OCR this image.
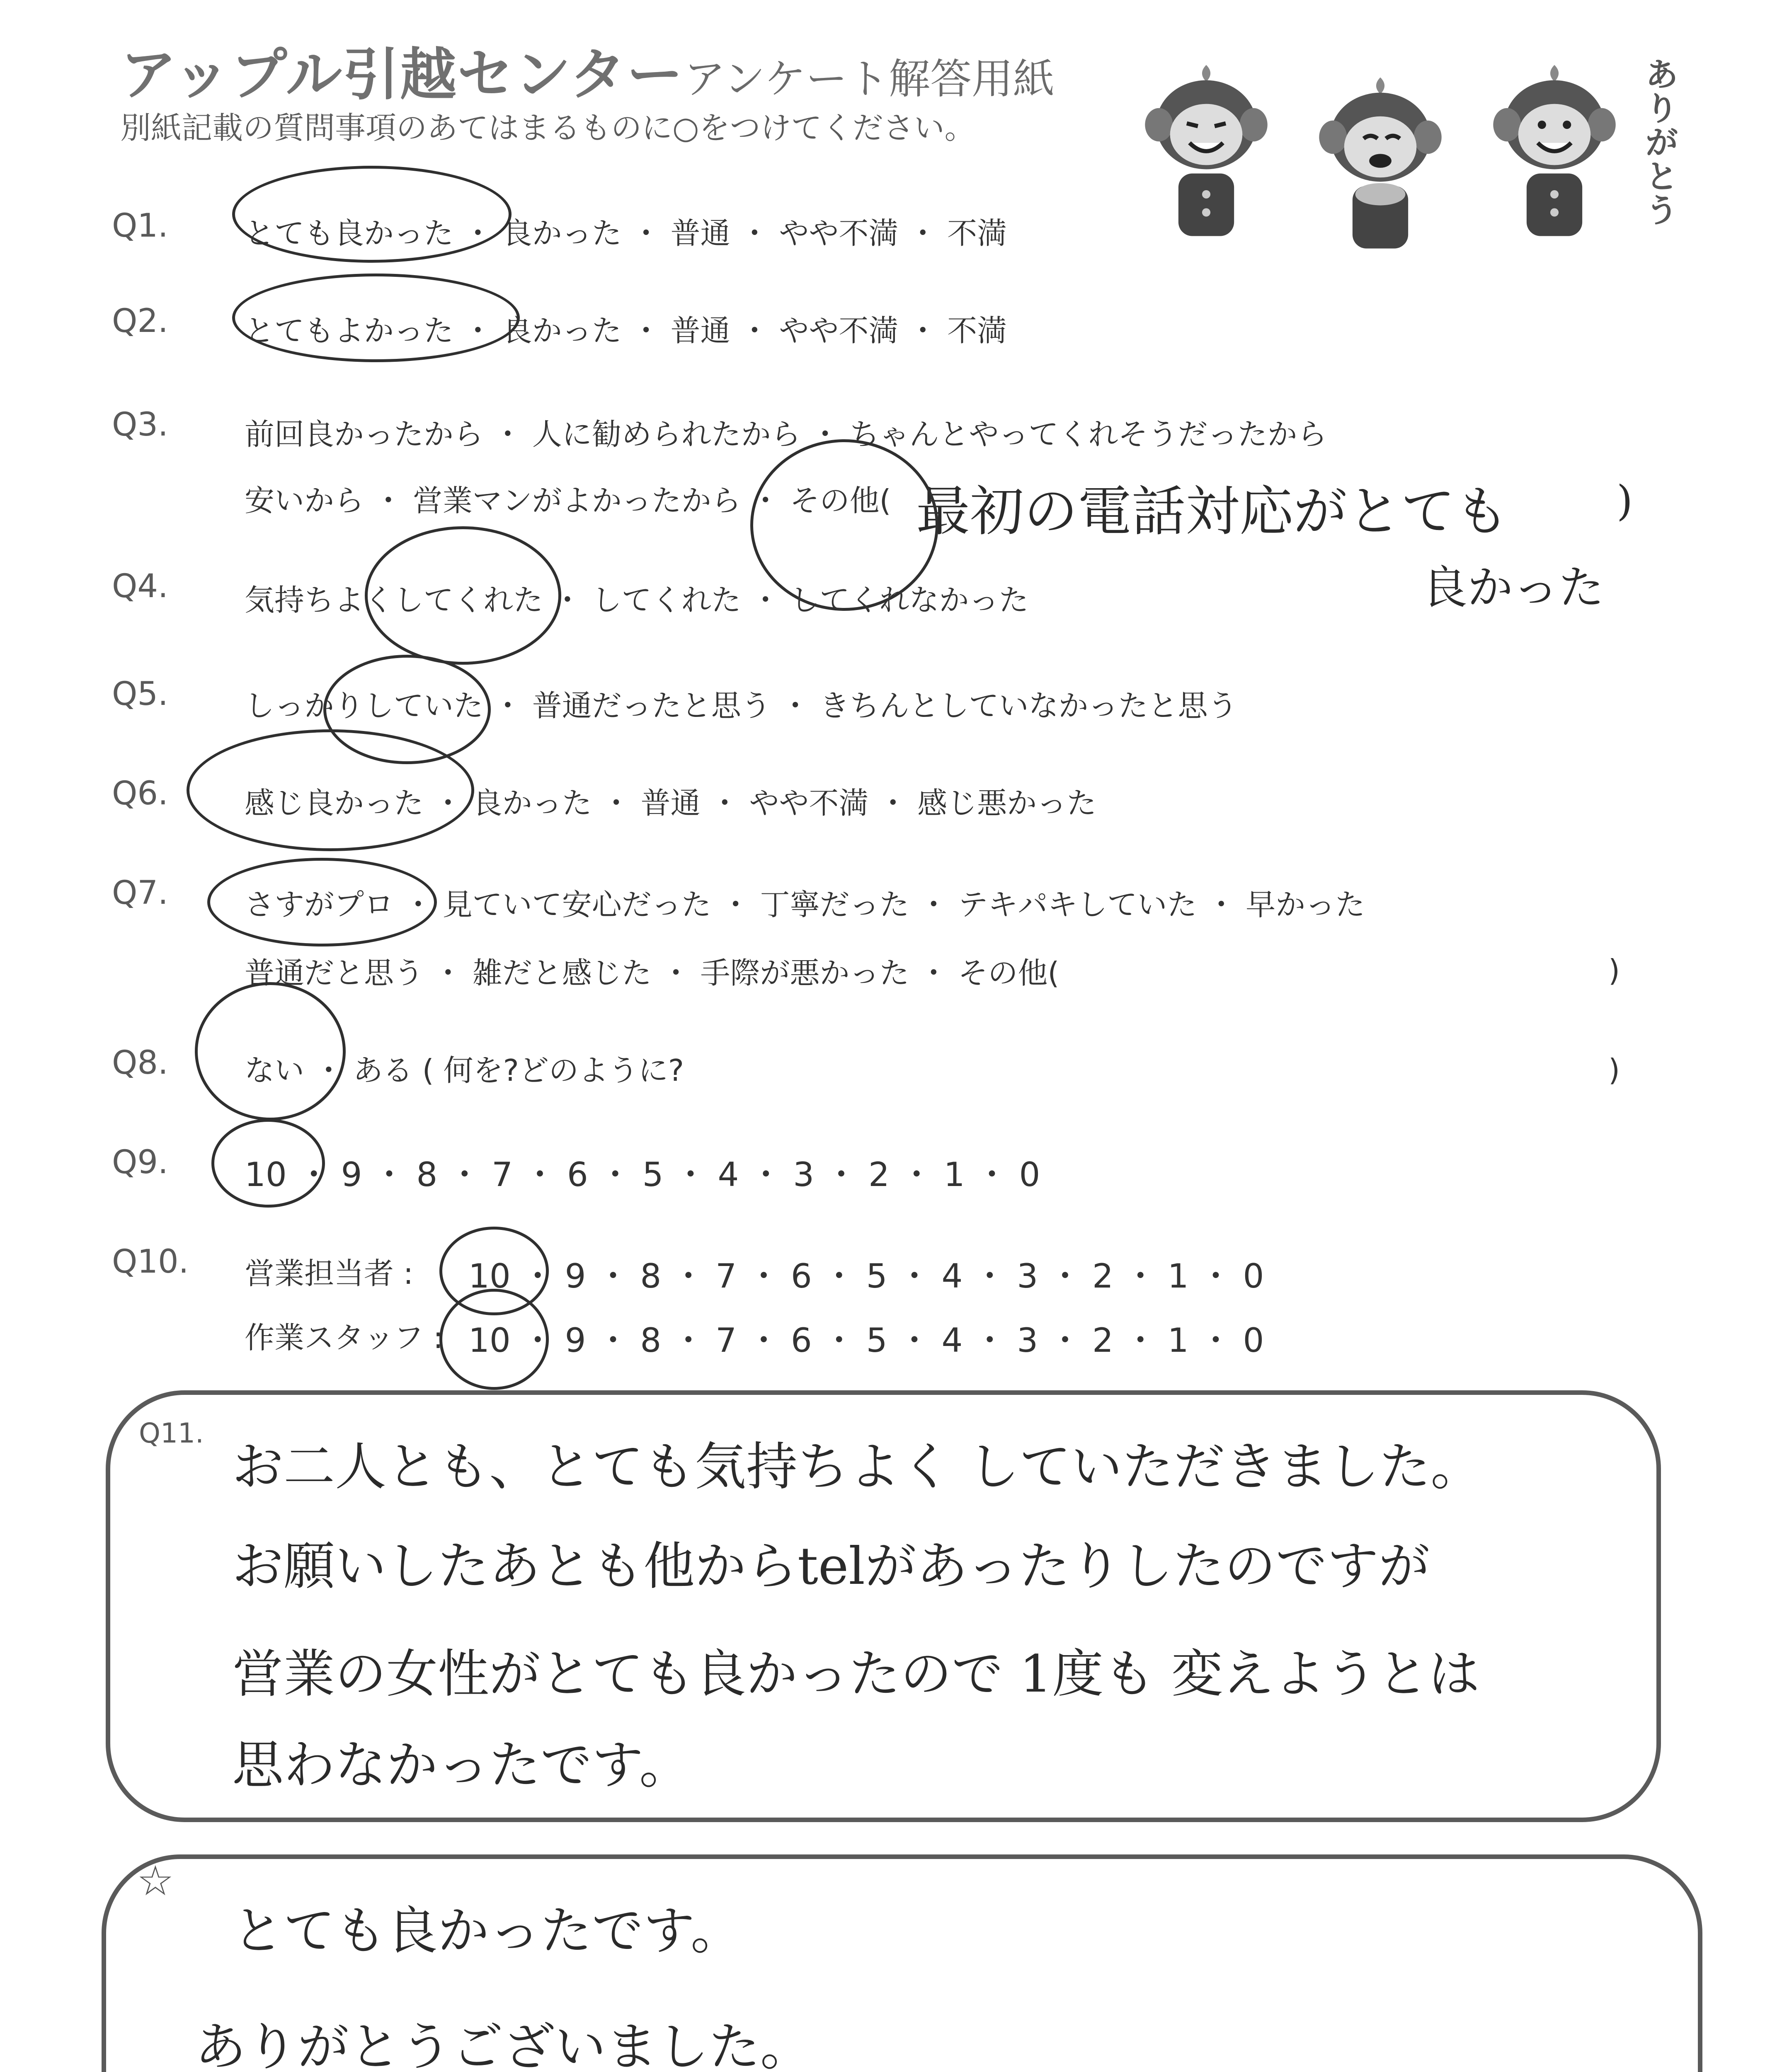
アップル引越センター アンケート解答用紙
別紙記載の質問事項のあてはまるものに○をつけてください。
ありがとう
Q1.	とても良かった ・ 良かった ・ 普通 ・ やや不満 ・ 不満
Q2.	とてもよかった ・ 良かった ・ 普通 ・ やや不満 ・ 不満
Q3.	前回良かったから ・ 人に勧められたから ・ ちゃんとやってくれそうだったから
安いから ・ 営業マンがよかったから ・ その他( 最初の電話対応がとても	)
良かった
Q4.	気持ちよくしてくれた ・ してくれた ・ してくれなかった
Q5.	しっかりしていた ・ 普通だったと思う ・ きちんとしていなかったと思う
Q6.	感じ良かった ・ 良かった ・ 普通 ・ やや不満 ・ 感じ悪かった
Q7.	さすがプロ ・ 見ていて安心だった ・ 丁寧だった ・ テキパキしていた ・ 早かった
普通だと思う ・ 雑だと感じた ・ 手際が悪かった ・ その他(	)
Q8.	ない ・ ある ( 何を?どのように?	)
Q9. 10 ・ 9 ・ 8 ・ 7 ・ 6 ・ 5 ・ 4 ・ 3 ・ 2 ・ 1 ・ 0
Q10. 営業担当者 : 10 ・ 9 ・ 8 ・ 7 ・ 6 ・ 5 ・ 4 ・ 3 ・ 2 ・ 1 ・ 0
作業スタッフ : 10 ・ 9 ・ 8 ・ 7 ・ 6 ・ 5 ・ 4 ・ 3 ・ 2 ・ 1 ・ 0
Q11.
お二人とも、とても気持ちよく していただきました。
お願いしたあとも他からtelがあったりしたのですが
営業の女性がとても良かったので 1度も 変えようとは
思わなかったです。
☆
とても良かったです。
ありがとうございました。
